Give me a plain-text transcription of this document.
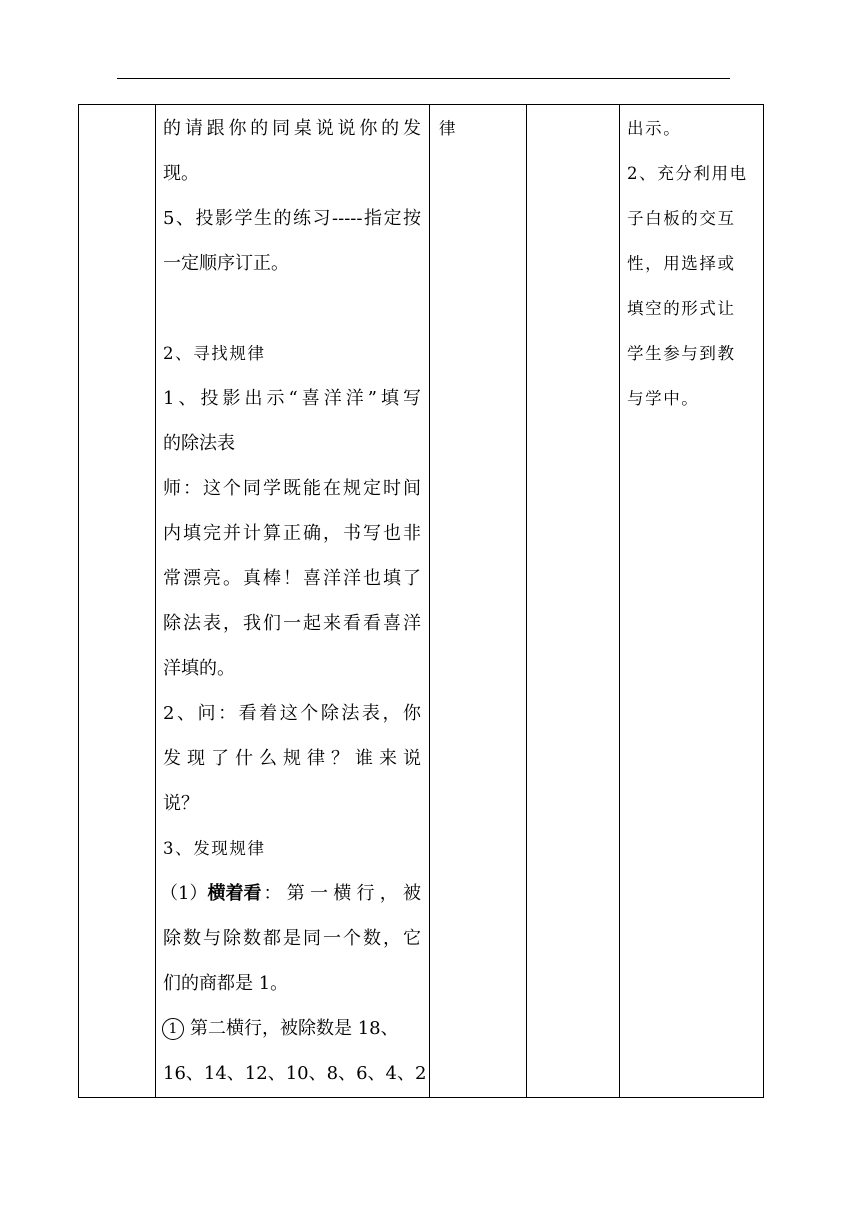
的请跟你的同桌说说你的发
现。
5、投影学生的练习-----指定按
一定顺序订正。
2、寻找规律
1、投影出示“喜洋洋”填写
的除法表
师：这个同学既能在规定时间
内填完并计算正确，书写也非
常漂亮。真棒！喜洋洋也填了
除法表，我们一起来看看喜洋
洋填的。
2、问：看着这个除法表，你
发现了什么规律？谁来说
说？
3、发现规律
（1） 横着看 ：第一横行，被
除数与除数都是同一个数，它
们的商都是 1。
1 第二横行，被除数是 18、
16、14、12、10、8、6、4、2
律	出示。
2、充分利用电
子白板的交互
性，用选择或
填空的形式让
学生参与到教
与学中。
